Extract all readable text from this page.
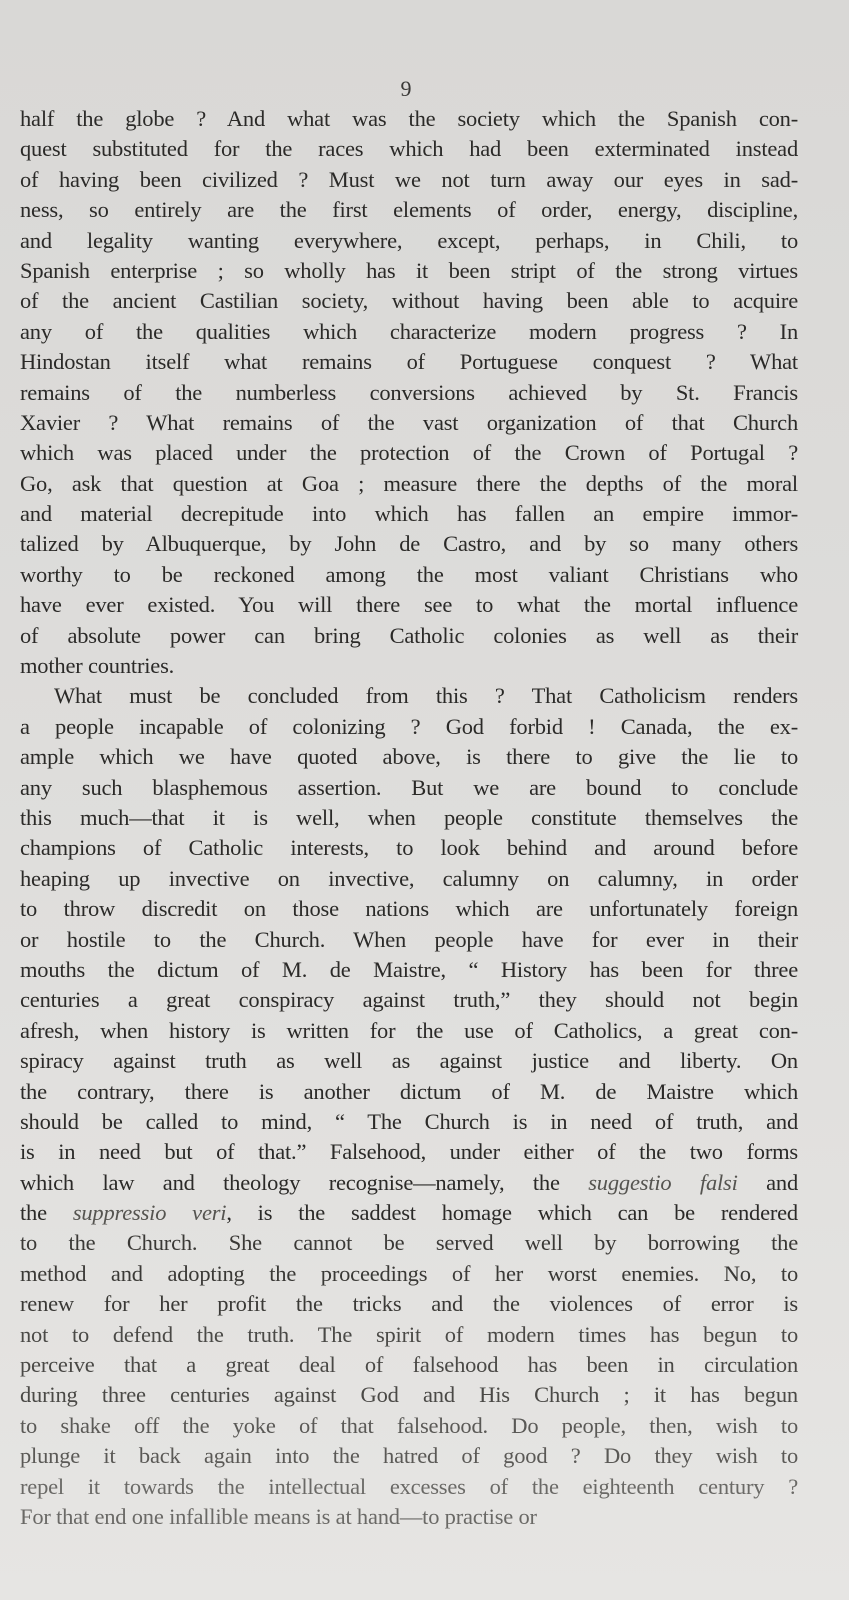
9
half the globe ? And what was the society which the Spanish con-
quest substituted for the races which had been exterminated instead
of having been civilized ? Must we not turn away our eyes in sad-
ness, so entirely are the first elements of order, energy, discipline,
and legality wanting everywhere, except, perhaps, in Chili, to
Spanish enterprise ; so wholly has it been stript of the strong virtues
of the ancient Castilian society, without having been able to acquire
any of the qualities which characterize modern progress ? In
Hindostan itself what remains of Portuguese conquest ? What
remains of the numberless conversions achieved by St. Francis
Xavier ? What remains of the vast organization of that Church
which was placed under the protection of the Crown of Portugal ?
Go, ask that question at Goa ; measure there the depths of the moral
and material decrepitude into which has fallen an empire immor-
talized by Albuquerque, by John de Castro, and by so many others
worthy to be reckoned among the most valiant Christians who
have ever existed. You will there see to what the mortal influence
of absolute power can bring Catholic colonies as well as their
mother countries.
What must be concluded from this ? That Catholicism renders
a people incapable of colonizing ? God forbid ! Canada, the ex-
ample which we have quoted above, is there to give the lie to
any such blasphemous assertion. But we are bound to conclude
this much—that it is well, when people constitute themselves the
champions of Catholic interests, to look behind and around before
heaping up invective on invective, calumny on calumny, in order
to throw discredit on those nations which are unfortunately foreign
or hostile to the Church. When people have for ever in their
mouths the dictum of M. de Maistre, “ History has been for three
centuries a great conspiracy against truth,” they should not begin
afresh, when history is written for the use of Catholics, a great con-
spiracy against truth as well as against justice and liberty. On
the contrary, there is another dictum of M. de Maistre which
should be called to mind, “ The Church is in need of truth, and
is in need but of that.” Falsehood, under either of the two forms
which law and theology recognise—namely, the suggestio falsi and
the suppressio veri, is the saddest homage which can be rendered
to the Church. She cannot be served well by borrowing the
method and adopting the proceedings of her worst enemies. No, to
renew for her profit the tricks and the violences of error is
not to defend the truth. The spirit of modern times has begun to
perceive that a great deal of falsehood has been in circulation
during three centuries against God and His Church ; it has begun
to shake off the yoke of that falsehood. Do people, then, wish to
plunge it back again into the hatred of good ? Do they wish to
repel it towards the intellectual excesses of the eighteenth century ?
For that end one infallible means is at hand—to practise or
